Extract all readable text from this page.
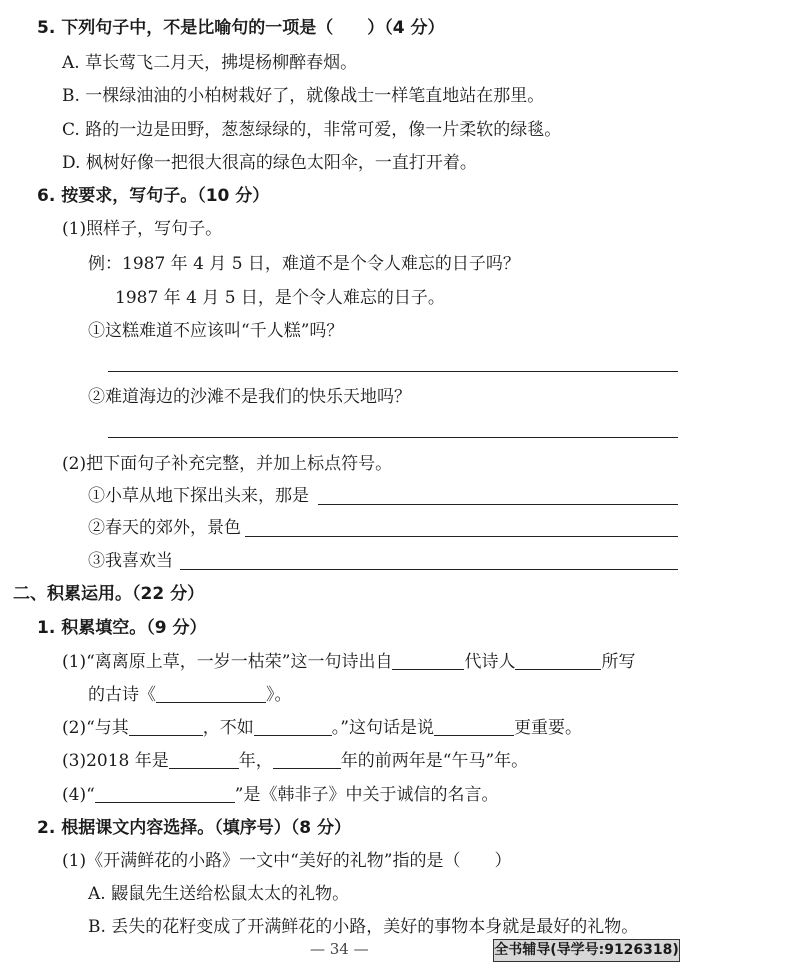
5. 下列句子中，不是比喻句的一项是（　　）（4 分）
A. 草长莺飞二月天，拂堤杨柳醉春烟。
B. 一棵绿油油的小柏树栽好了，就像战士一样笔直地站在那里。
C. 路的一边是田野，葱葱绿绿的，非常可爱，像一片柔软的绿毯。
D. 枫树好像一把很大很高的绿色太阳伞，一直打开着。
6. 按要求，写句子。（10 分）
(1)照样子，写句子。
例：1987 年 4 月 5 日，难道不是个令人难忘的日子吗？
1987 年 4 月 5 日，是个令人难忘的日子。
①这糕难道不应该叫“千人糕”吗？
②难道海边的沙滩不是我们的快乐天地吗？
(2)把下面句子补充完整，并加上标点符号。
①小草从地下探出头来，那是
②春天的郊外，景色
③我喜欢当
二、积累运用。（22 分）
1. 积累填空。（9 分）
(1)“离离原上草，一岁一枯荣”这一句诗出自	代诗人	所写
的古诗《	》。
(2)“与其	，不如	。”这句话是说	更重要。
(3)2018 年是	年，	年的前两年是“午马”年。
(4)“	”是《韩非子》中关于诚信的名言。
2. 根据课文内容选择。（填序号）（8 分）
(1)《开满鲜花的小路》一文中“美好的礼物”指的是（　　）
A. 鼹鼠先生送给松鼠太太的礼物。
B. 丢失的花籽变成了开满鲜花的小路，美好的事物本身就是最好的礼物。
— 34 —	全书辅导(导学号:9126318)
